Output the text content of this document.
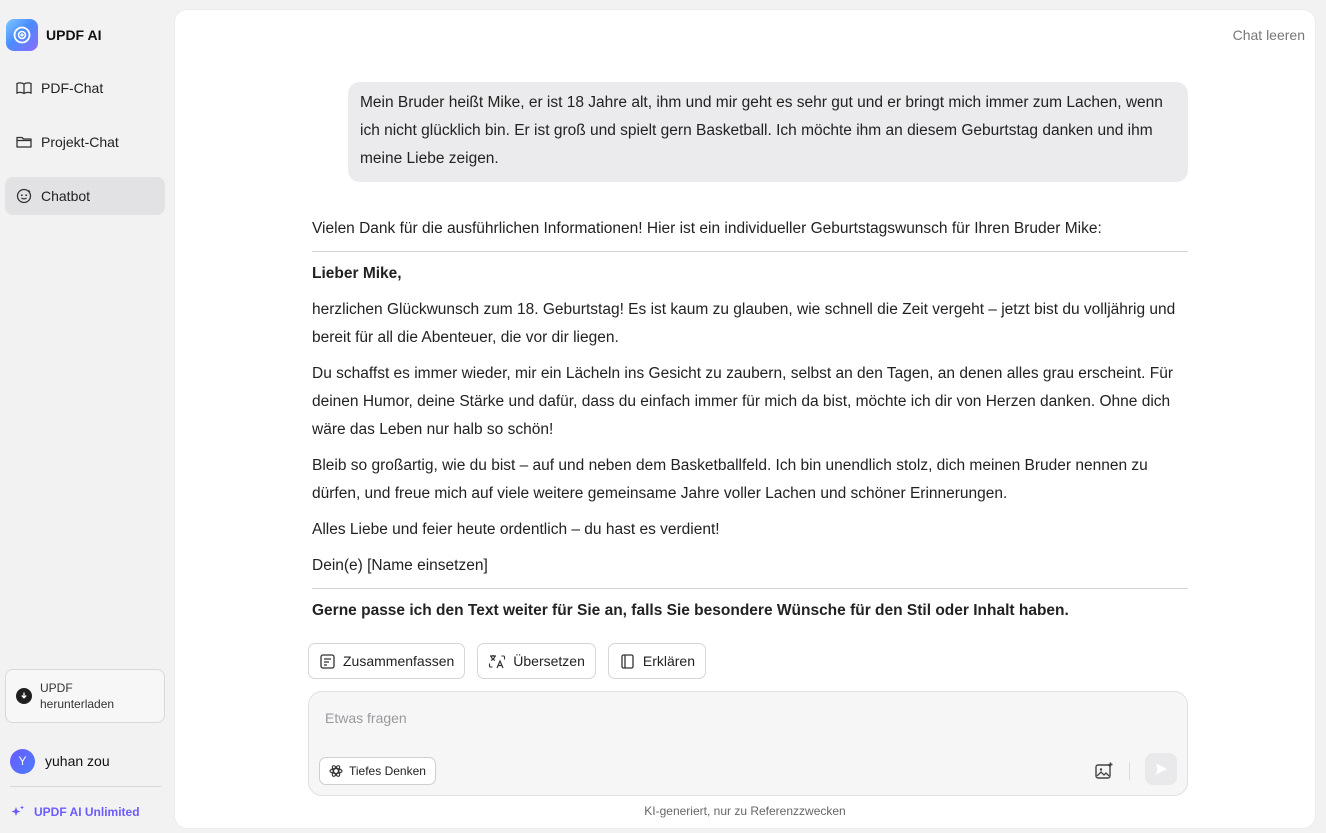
UPDF AI
PDF-Chat
Projekt-Chat
Chatbot
UPDF
herunterladen
Y	yuhan zou
UPDF AI Unlimited
Chat leeren
Mein Bruder heißt Mike, er ist 18 Jahre alt, ihm und mir geht es sehr gut und er bringt mich immer zum Lachen, wenn ich nicht glücklich bin. Er ist groß und spielt gern Basketball. Ich möchte ihm an diesem Geburtstag danken und ihm meine Liebe zeigen.

Vielen Dank für die ausführlichen Informationen! Hier ist ein individueller Geburtstagswunsch für Ihren Bruder Mike:

Lieber Mike,

herzlichen Glückwunsch zum 18. Geburtstag! Es ist kaum zu glauben, wie schnell die Zeit vergeht – jetzt bist du volljährig und bereit für all die Abenteuer, die vor dir liegen.

Du schaffst es immer wieder, mir ein Lächeln ins Gesicht zu zaubern, selbst an den Tagen, an denen alles grau erscheint. Für deinen Humor, deine Stärke und dafür, dass du einfach immer für mich da bist, möchte ich dir von Herzen danken. Ohne dich wäre das Leben nur halb so schön!

Bleib so großartig, wie du bist – auf und neben dem Basketballfeld. Ich bin unendlich stolz, dich meinen Bruder nennen zu dürfen, und freue mich auf viele weitere gemeinsame Jahre voller Lachen und schöner Erinnerungen.

Alles Liebe und feier heute ordentlich – du hast es verdient!

Dein(e) [Name einsetzen]

Gerne passe ich den Text weiter für Sie an, falls Sie besondere Wünsche für den Stil oder Inhalt haben.

Zusammenfassen	Übersetzen	Erklären
Etwas fragen
Tiefes Denken
KI-generiert, nur zu Referenzzwecken
